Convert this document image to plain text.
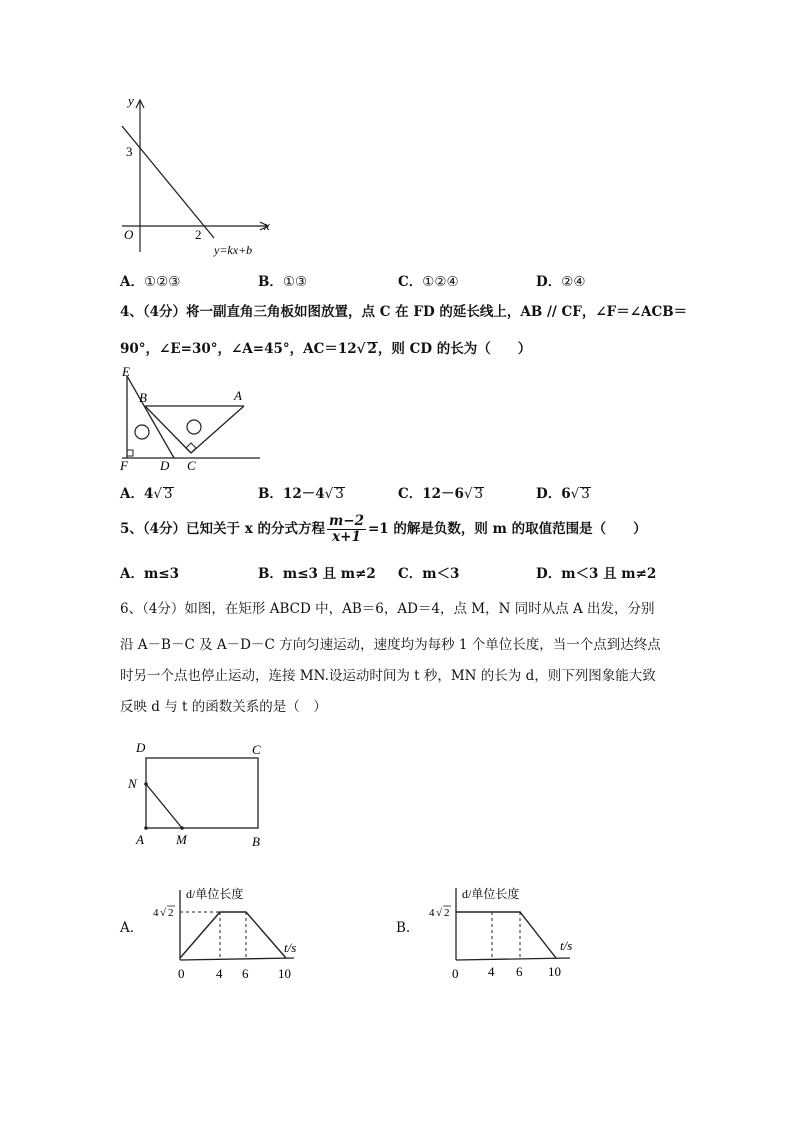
y
x
O
3
2
y=kx+b
A．①②③	B．①③	C．①②④	D．②④
4、（4分）将一副直角三角板如图放置，点 C 在 FD 的延长线上，AB // CF，∠F＝∠ACB＝
90°，∠E=30°，∠A=45°，AC＝12√ 2，则 CD 的长为（　　）
E
B	A
F D C
A．4√ 3	B．12－4√ 3	C．12－6√ 3	D．6√ 3
5、（4分）已知关于 x 的分式方程 $\frac{m-2}{x+1} =1$ 的解是负数，则 m 的取值范围是（　　）
A．m≤3	B．m≤3 且 m≠2 C．m＜3	D．m＜3 且 m≠2
6、（4分）如图，在矩形 ABCD 中，AB＝6，AD＝4，点 M，N 同时从点 A 出发，分别
沿 A－B－C 及 A－D－C 方向匀速运动，速度均为每秒 1 个单位长度，当一个点到达终点
时另一个点也停止运动，连接 MN.设运动时间为 t 秒，MN 的长为 d，则下列图象能大致
反映 d 与 t 的函数关系的是（　）
D	C
N
A M	B
A.
d/单位长度
t/s
4 √ 2
0 4 6 10
B.
d/单位长度
t/s
4 √ 2
0 4 6 10
